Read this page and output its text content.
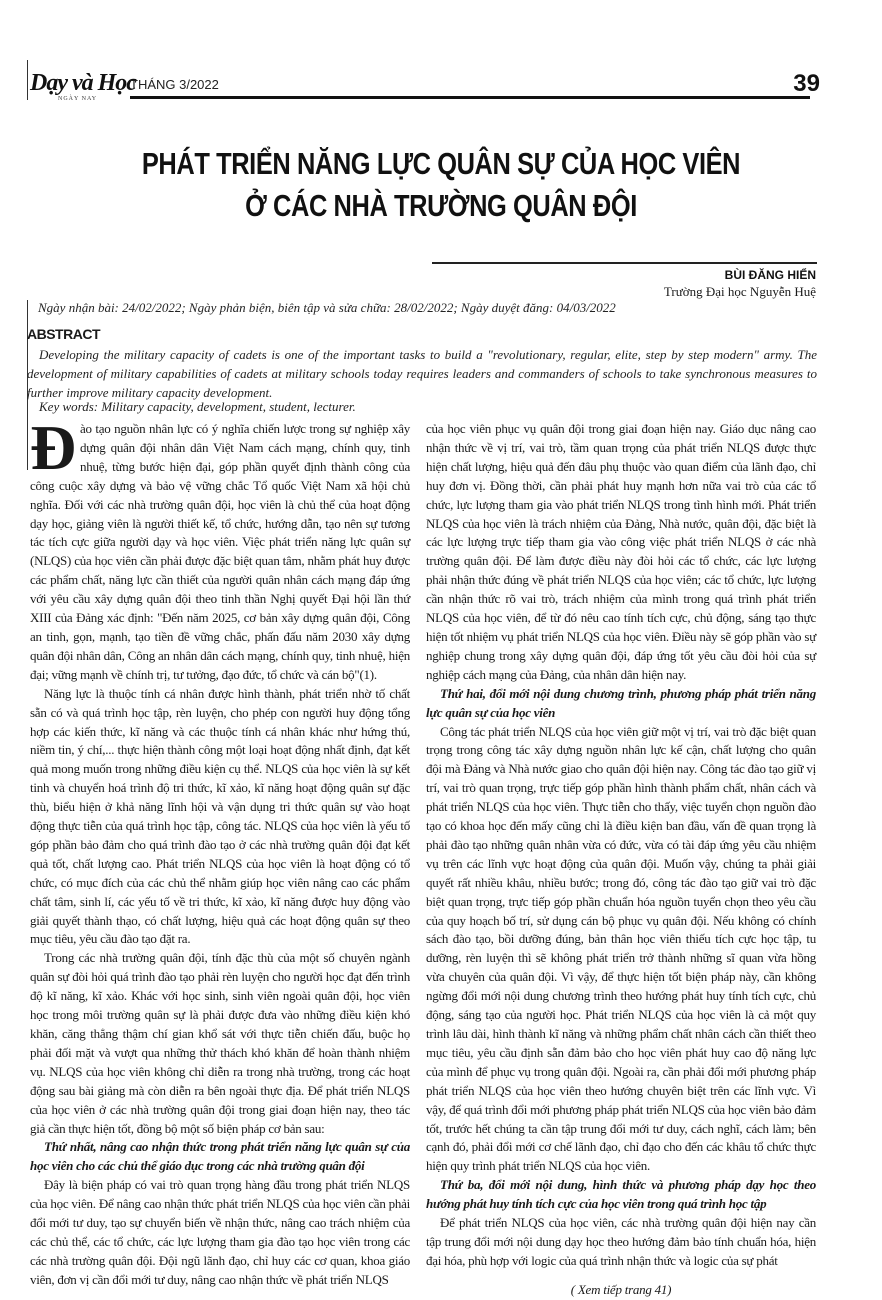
Dạy và Học
NGÀY NAY
THÁNG 3/2022	39
PHÁT TRIỂN NĂNG LỰC QUÂN SỰ CỦA HỌC VIÊN
Ở CÁC NHÀ TRƯỜNG QUÂN ĐỘI
BÙI ĐĂNG HIỂN
Trường Đại học Nguyễn Huệ
Ngày nhận bài: 24/02/2022; Ngày phản biện, biên tập và sửa chữa: 28/02/2022; Ngày duyệt đăng: 04/03/2022
ABSTRACT
Developing the military capacity of cadets is one of the important tasks to build a "revolutionary, regular, elite, step by step modern" army. The development of military capabilities of cadets at military schools today requires leaders and commanders of schools to take synchronous measures to further improve military capacity development.
Key words: Military capacity, development, student, lecturer.

Đào tạo nguồn nhân lực có ý nghĩa chiến lược trong sự nghiệp xây dựng quân đội nhân dân Việt Nam cách mạng, chính quy, tinh nhuệ, từng bước hiện đại, góp phần quyết định thành công của công cuộc xây dựng và bảo vệ vững chắc Tổ quốc Việt Nam xã hội chủ nghĩa. Đối với các nhà trường quân đội, học viên là chủ thể của hoạt động dạy học, giảng viên là người thiết kế, tổ chức, hướng dẫn, tạo nên sự tương tác tích cực giữa người dạy và học viên. Việc phát triển năng lực quân sự (NLQS) của học viên cần phải được đặc biệt quan tâm, nhằm phát huy được các phẩm chất, năng lực cần thiết của người quân nhân cách mạng đáp ứng với yêu cầu xây dựng quân đội theo tinh thần Nghị quyết Đại hội lần thứ XIII của Đảng xác định: "Đến năm 2025, cơ bản xây dựng quân đội, Công an tinh, gọn, mạnh, tạo tiền đề vững chắc, phấn đấu năm 2030 xây dựng quân đội nhân dân, Công an nhân dân cách mạng, chính quy, tinh nhuệ, hiện đại; vững mạnh về chính trị, tư tưởng, đạo đức, tổ chức và cán bộ"(1).

Năng lực là thuộc tính cá nhân được hình thành, phát triển nhờ tố chất sẵn có và quá trình học tập, rèn luyện, cho phép con người huy động tổng hợp các kiến thức, kĩ năng và các thuộc tính cá nhân khác như hứng thú, niềm tin, ý chí,... thực hiện thành công một loại hoạt động nhất định, đạt kết quả mong muốn trong những điều kiện cụ thể. NLQS của học viên là sự kết tinh và chuyển hoá trình độ tri thức, kĩ xảo, kĩ năng hoạt động quân sự đặc thù, biểu hiện ở khả năng lĩnh hội và vận dụng tri thức quân sự vào hoạt động thực tiễn của quá trình học tập, công tác. NLQS của học viên là yếu tố góp phần bảo đảm cho quá trình đào tạo ở các nhà trường quân đội đạt kết quả tốt, chất lượng cao. Phát triển NLQS của học viên là hoạt động có tổ chức, có mục đích của các chủ thể nhằm giúp học viên nâng cao các phẩm chất tâm, sinh lí, các yếu tố về tri thức, kĩ xảo, kĩ năng được huy động vào giải quyết thành thạo, có chất lượng, hiệu quả các hoạt động quân sự theo mục tiêu, yêu cầu đào tạo đặt ra.

Trong các nhà trường quân đội, tính đặc thù của một số chuyên ngành quân sự đòi hỏi quá trình đào tạo phải rèn luyện cho người học đạt đến trình độ kĩ năng, kĩ xảo. Khác với học sinh, sinh viên ngoài quân đội, học viên học trong môi trường quân sự là phải được đưa vào những điều kiện khó khăn, căng thẳng thậm chí gian khổ sát với thực tiễn chiến đấu, buộc họ phải đối mặt và vượt qua những thử thách khó khăn để hoàn thành nhiệm vụ. NLQS của học viên không chỉ diễn ra trong nhà trường, trong các hoạt động sau bài giảng mà còn diễn ra bên ngoài thực địa. Để phát triển NLQS của học viên ở các nhà trường quân đội trong giai đoạn hiện nay, theo tác giả cần thực hiện tốt, đồng bộ một số biện pháp cơ bản sau:

Thứ nhất, nâng cao nhận thức trong phát triển năng lực quân sự của học viên cho các chủ thể giáo dục trong các nhà trường quân đội

Đây là biện pháp có vai trò quan trọng hàng đầu trong phát triển NLQS của học viên. Để nâng cao nhận thức phát triển NLQS của học viên cần phải đổi mới tư duy, tạo sự chuyển biến về nhận thức, nâng cao trách nhiệm của các chủ thể, các tổ chức, các lực lượng tham gia đào tạo học viên trong các các nhà trường quân đội. Đội ngũ lãnh đạo, chỉ huy các cơ quan, khoa giáo viên, đơn vị cần đổi mới tư duy, nâng cao nhận thức về phát triển NLQS

của học viên phục vụ quân đội trong giai đoạn hiện nay. Giáo dục nâng cao nhận thức về vị trí, vai trò, tầm quan trọng của phát triển NLQS được thực hiện chất lượng, hiệu quả đến đâu phụ thuộc vào quan điểm của lãnh đạo, chỉ huy đơn vị. Đồng thời, cần phải phát huy mạnh hơn nữa vai trò của các tổ chức, lực lượng tham gia vào phát triển NLQS trong tình hình mới. Phát triển NLQS của học viên là trách nhiệm của Đảng, Nhà nước, quân đội, đặc biệt là các lực lượng trực tiếp tham gia vào công việc phát triển NLQS ở các nhà trường quân đội. Để làm được điều này đòi hỏi các tổ chức, các lực lượng phải nhận thức đúng về phát triển NLQS của học viên; các tổ chức, lực lượng cần nhận thức rõ vai trò, trách nhiệm của mình trong quá trình phát triển NLQS của học viên, để từ đó nêu cao tính tích cực, chủ động, sáng tạo thực hiện tốt nhiệm vụ phát triển NLQS của học viên. Điều này sẽ góp phần vào sự nghiệp chung trong xây dựng quân đội, đáp ứng tốt yêu cầu đòi hỏi của sự nghiệp cách mạng của Đảng, của nhân dân hiện nay.

Thứ hai, đổi mới nội dung chương trình, phương pháp phát triển năng lực quân sự của học viên

Công tác phát triển NLQS của học viên giữ một vị trí, vai trò đặc biệt quan trọng trong công tác xây dựng nguồn nhân lực kế cận, chất lượng cho quân đội mà Đảng và Nhà nước giao cho quân đội hiện nay. Công tác đào tạo giữ vị trí, vai trò quan trọng, trực tiếp góp phần hình thành phẩm chất, nhân cách và phát triển NLQS của học viên. Thực tiễn cho thấy, việc tuyển chọn nguồn đào tạo có khoa học đến mấy cũng chỉ là điều kiện ban đầu, vấn đề quan trọng là phải đào tạo những quân nhân vừa có đức, vừa có tài đáp ứng yêu cầu nhiệm vụ trên các lĩnh vực hoạt động của quân đội. Muốn vậy, chúng ta phải giải quyết rất nhiều khâu, nhiều bước; trong đó, công tác đào tạo giữ vai trò đặc biệt quan trọng, trực tiếp góp phần chuẩn hóa nguồn tuyển chọn theo yêu cầu của quy hoạch bố trí, sử dụng cán bộ phục vụ quân đội. Nếu không có chính sách đào tạo, bồi dưỡng đúng, bản thân học viên thiếu tích cực học tập, tu dưỡng, rèn luyện thì sẽ không phát triển trở thành những sĩ quan vừa hồng vừa chuyên của quân đội. Vì vậy, để thực hiện tốt biện pháp này, cần không ngừng đổi mới nội dung chương trình theo hướng phát huy tính tích cực, chủ động, sáng tạo của người học. Phát triển NLQS của học viên là cả một quy trình lâu dài, hình thành kĩ năng và những phẩm chất nhân cách cần thiết theo mục tiêu, yêu cầu định sẵn đảm bảo cho học viên phát huy cao độ năng lực của mình để phục vụ trong quân đội. Ngoài ra, cần phải đổi mới phương pháp phát triển NLQS của học viên theo hướng chuyên biệt trên các lĩnh vực. Vì vậy, để quá trình đổi mới phương pháp phát triển NLQS của học viên bảo đảm tốt, trước hết chúng ta cần tập trung đổi mới tư duy, cách nghĩ, cách làm; bên cạnh đó, phải đổi mới cơ chế lãnh đạo, chỉ đạo cho đến các khâu tổ chức thực hiện quy trình phát triển NLQS của học viên.

Thứ ba, đổi mới nội dung, hình thức và phương pháp dạy học theo hướng phát huy tính tích cực của học viên trong quá trình học tập

Để phát triển NLQS của học viên, các nhà trường quân đội hiện nay cần tập trung đổi mới nội dung dạy học theo hướng đảm bảo tính chuẩn hóa, hiện đại hóa, phù hợp với logic của quá trình nhận thức và logic của sự phát

( Xem tiếp trang 41)
